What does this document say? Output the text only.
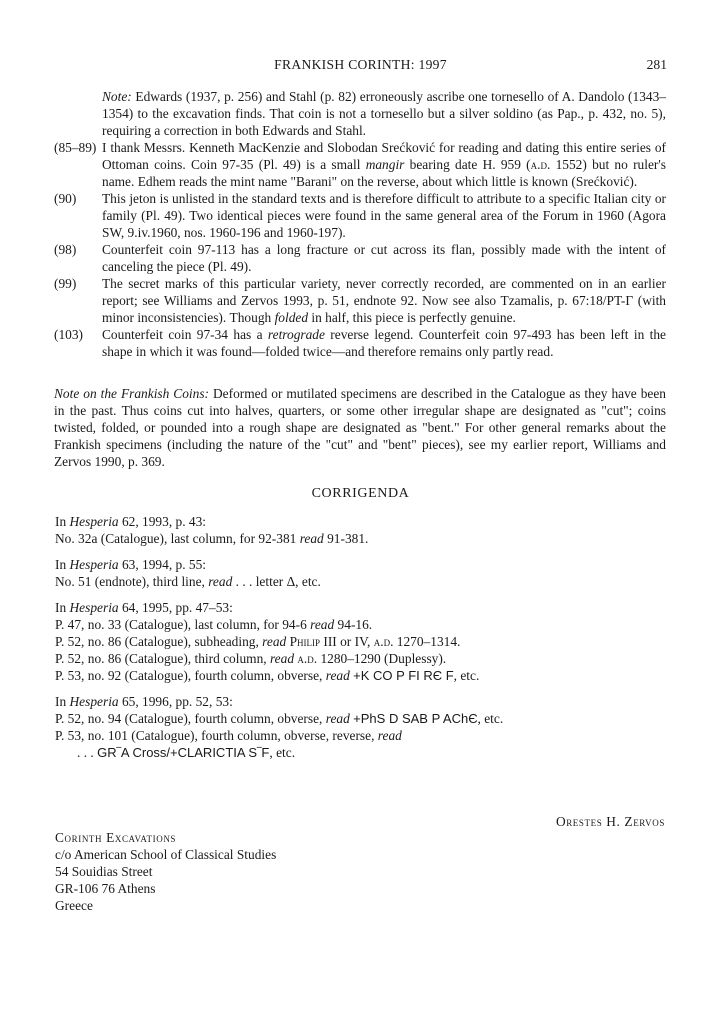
FRANKISH CORINTH: 1997	281
Note: Edwards (1937, p. 256) and Stahl (p. 82) erroneously ascribe one tornesello of A. Dandolo (1343–1354) to the excavation finds. That coin is not a tornesello but a silver soldino (as Pap., p. 432, no. 5), requiring a correction in both Edwards and Stahl.
(85–89) I thank Messrs. Kenneth MacKenzie and Slobodan Srećković for reading and dating this entire series of Ottoman coins. Coin 97-35 (Pl. 49) is a small mangir bearing date H. 959 (a.d. 1552) but no ruler's name. Edhem reads the mint name "Barani" on the reverse, about which little is known (Srećković).
(90)	This jeton is unlisted in the standard texts and is therefore difficult to attribute to a specific Italian city or family (Pl. 49). Two identical pieces were found in the same general area of the Forum in 1960 (Agora SW, 9.iv.1960, nos. 1960-196 and 1960-197).
(98)	Counterfeit coin 97-113 has a long fracture or cut across its flan, possibly made with the intent of canceling the piece (Pl. 49).
(99)	The secret marks of this particular variety, never correctly recorded, are commented on in an earlier report; see Williams and Zervos 1993, p. 51, endnote 92. Now see also Tzamalis, p. 67:18/PT-Γ (with minor inconsistencies). Though folded in half, this piece is perfectly genuine.
(103)	Counterfeit coin 97-34 has a retrograde reverse legend. Counterfeit coin 97-493 has been left in the shape in which it was found—folded twice—and therefore remains only partly read.
Note on the Frankish Coins: Deformed or mutilated specimens are described in the Catalogue as they have been in the past. Thus coins cut into halves, quarters, or some other irregular shape are designated as "cut"; coins twisted, folded, or pounded into a rough shape are designated as "bent." For other general remarks about the Frankish specimens (including the nature of the "cut" and "bent" pieces), see my earlier report, Williams and Zervos 1990, p. 369.
CORRIGENDA
In Hesperia 62, 1993, p. 43:
No. 32a (Catalogue), last column, for 92-381 read 91-381.
In Hesperia 63, 1994, p. 55:
No. 51 (endnote), third line, read . . . letter Δ, etc.
In Hesperia 64, 1995, pp. 47–53:
P. 47, no. 33 (Catalogue), last column, for 94-6 read 94-16.
P. 52, no. 86 (Catalogue), subheading, read Philip III or IV, a.d. 1270–1314.
P. 52, no. 86 (Catalogue), third column, read a.d. 1280–1290 (Duplessy).
P. 53, no. 92 (Catalogue), fourth column, obverse, read +K CO P FI RЄ F, etc.
In Hesperia 65, 1996, pp. 52, 53:
P. 52, no. 94 (Catalogue), fourth column, obverse, read +PhS D SAB P AChЄ, etc.
P. 53, no. 101 (Catalogue), fourth column, obverse, reverse, read
. . . GR‾A Cross/+CLARICTIA S‾F, etc.
Orestes H. Zervos
Corinth Excavations
c/o American School of Classical Studies
54 Souidias Street
GR-106 76 Athens
Greece
